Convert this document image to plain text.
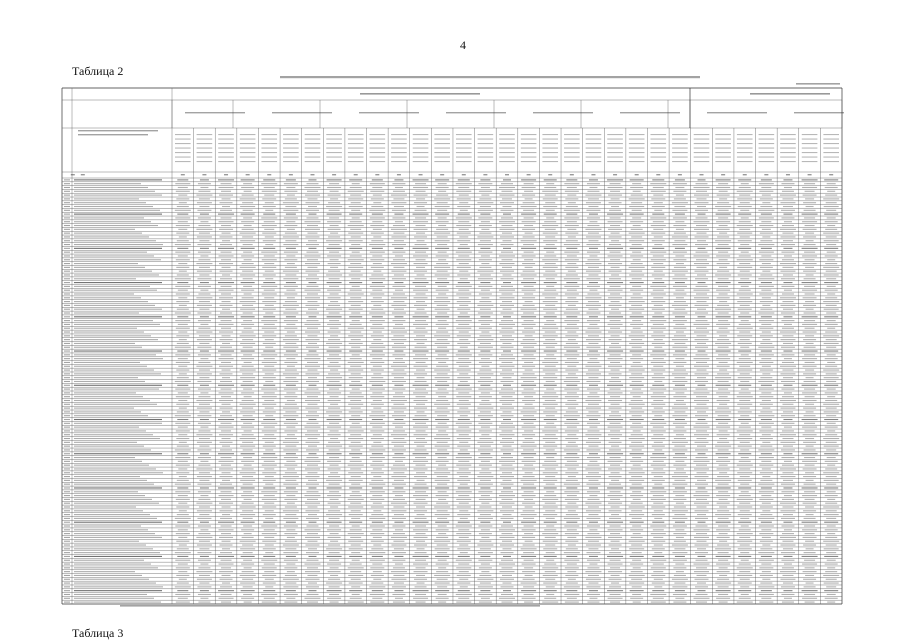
4
Таблица 2
Таблица 3
